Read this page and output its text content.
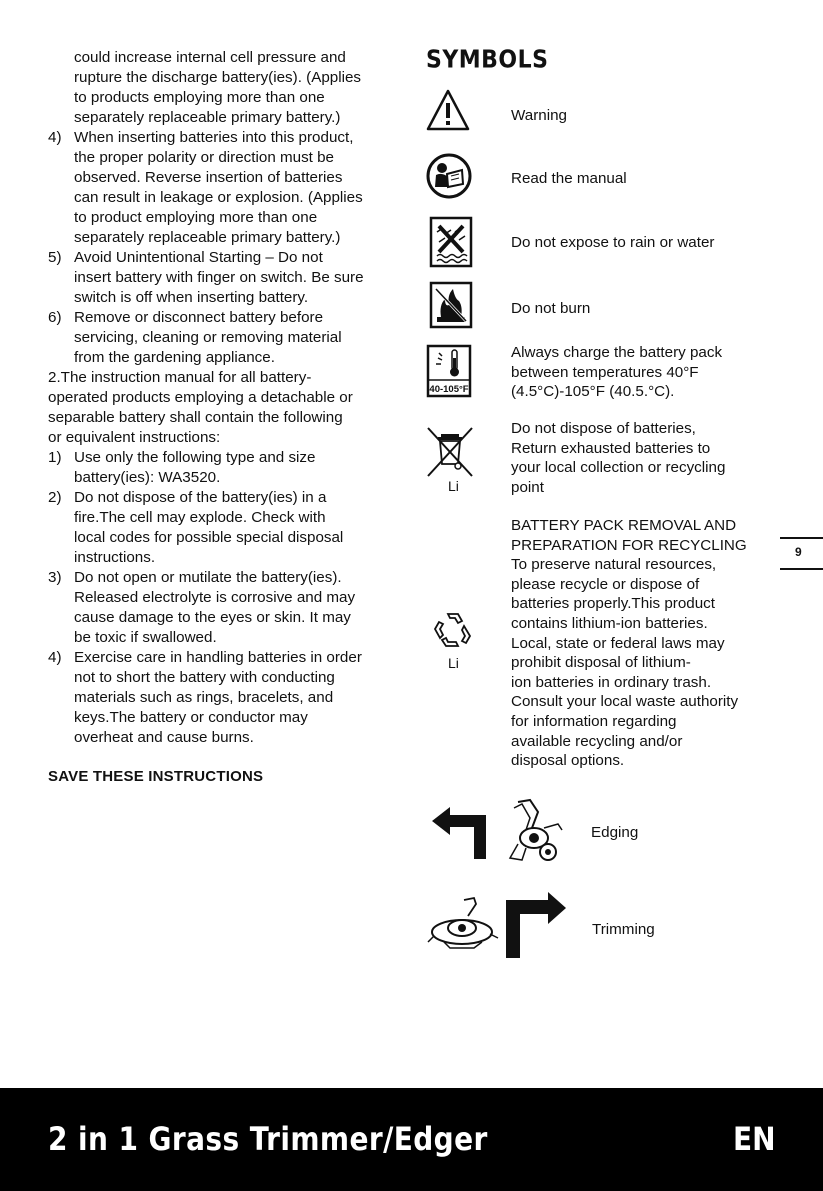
could increase internal cell pressure and
rupture the discharge battery(ies). (Applies
to products employing more than one
separately replaceable primary battery.)
4) When inserting batteries into this product,
the proper polarity or direction must be
observed. Reverse insertion of batteries
can result in leakage or explosion. (Applies
to product employing more than one
separately replaceable primary battery.)
5) Avoid Unintentional Starting – Do not
insert battery with finger on switch. Be sure
switch is off when inserting battery.
6) Remove or disconnect battery before
servicing, cleaning or removing material
from the gardening appliance.
2.The instruction manual for all battery-
operated products employing a detachable or
separable battery shall contain the following
or equivalent instructions:
1) Use only the following type and size
battery(ies): WA3520.
2) Do not dispose of the battery(ies) in a
fire.The cell may explode. Check with
local codes for possible special disposal
instructions.
3) Do not open or mutilate the battery(ies).
Released electrolyte is corrosive and may
cause damage to the eyes or skin. It may
be toxic if swallowed.
4) Exercise care in handling batteries in order
not to short the battery with conducting
materials such as rings, bracelets, and
keys.The battery or conductor may
overheat and cause burns.
SAVE THESE INSTRUCTIONS
SYMBOLS
Warning
Read the manual
Do not expose to rain or water
Do not burn
40-105°F
Always charge the battery pack
between temperatures 40°F
(4.5°C)-105°F (40.5.°C).
Li
Do not dispose of batteries,
Return exhausted batteries to
your local collection or recycling
point
Li
BATTERY PACK REMOVAL AND
PREPARATION FOR RECYCLING
To preserve natural resources,
please recycle or dispose of
batteries properly.This product
contains lithium-ion batteries.
Local, state or federal laws may
prohibit disposal of lithium-
ion batteries in ordinary trash.
Consult your local waste authority
for information regarding
available recycling and/or
disposal options.
Edging
Trimming
9
2 in 1 Grass Trimmer/Edger	EN
